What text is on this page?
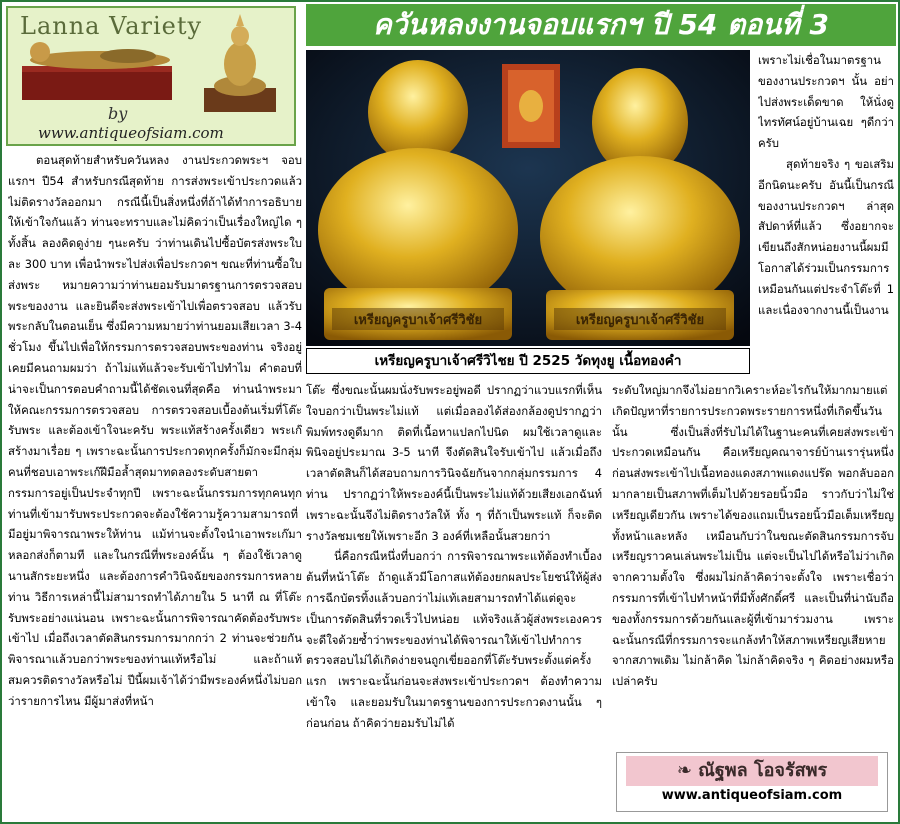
Lanna Variety
by
www.antiqueofsiam.com
ควันหลงงานจอบแรกฯ ปี 54 ตอนที่ 3
เหรียญครูบาเจ้าศรีวิชัย	เหรียญครูบาเจ้าศรีวิชัย
เหรียญครูบาเจ้าศรีวิไชย ปี 2525 วัดทุงยู เนื้อทองคำ

ตอนสุดท้ายสำหรับควันหลง งานประกวดพระฯ จอบแรกฯ ปี54 สำหรับกรณีสุดท้าย การส่งพระเข้าประกวดแล้วไม่ติดรางวัลออกมา กรณีนี้เป็นสิ่งหนึ่งที่ถ้าได้ทำการอธิบายให้เข้าใจกันแล้ว ท่านจะทราบและไม่คิดว่าเป็นเรื่องใหญ่ได ๆทั้งสิ้น ลองคิดดูง่าย ๆนะครับ ว่าท่านเดินไปซื้อบัตรส่งพระใบละ 300 บาท เพื่อนำพระไปส่งเพื่อประกวดฯ ขณะที่ท่านซื้อใบส่งพระ หมายความว่าท่านยอมรับมาตรฐานการตรวจสอบพระของงาน และยินดีจะส่งพระเข้าไปเพื่อตรวจสอบ แล้วรับพระกลับในตอนเย็น ซึ่งมีความหมายว่าท่านยอมเสียเวลา 3-4 ชั่วโมง ขึ้นไปเพื่อให้กรรมการตรวจสอบพระของท่าน จริงอยู่เคยมีคนถามผมว่า ถ้าไม่แท้แล้วจะรับเข้าไปทำไม คำตอบที่น่าจะเป็นการตอบคำถามนี้ได้ชัดเจนที่สุดคือ ท่านนำพระมาให้คณะกรรมการตรวจสอบ การตรวจสอบเบื้องต้นเริ่มที่โต๊ะรับพระ และต้องเข้าใจนะครับ พระแท้สร้างครั้งเดียว พระเก๊สร้างมาเรื่อย ๆ เพราะฉะนั้นการประกวดทุกครั้งก็มักจะมีกลุ่มคนที่ชอบเอาพระเก๊ฝีมือล้ำสุดมาทดลองระดับสายตากรรมการอยู่เป็นประจำทุกปี เพราะฉะนั้นกรรมการทุกคนทุกท่านที่เข้ามารับพระประกวดจะต้องใช้ความรู้ความสามารถที่มีอยู่มาพิจารณาพระให้ท่าน แม้ท่านจะตั้งใจนำเอาพระเก๊มาหลอกส่งก็ตามที และในกรณีที่พระองค์นั้น ๆ ต้องใช้เวลาดูนานสักระยะหนึ่ง และต้องการคำวินิจฉัยของกรรมการหลายท่าน วิธีการเหล่านี้ไม่สามารถทำได้ภายใน 5 นาที ณ ที่โต๊ะรับพระอย่างแน่นอน เพราะฉะนั้นการพิจารณาคัดต้องรับพระเข้าไป เมื่อถึงเวลาตัดสินกรรมการมากกว่า 2 ท่านจะช่วยกันพิจารณาแล้วบอกว่าพระของท่านแท้หรือไม่ และถ้าแท้สมควรติดรางวัลหรือไม่ ปีนี้ผมเจ้าได้ว่ามีพระองค์หนึ่งไม่บอกว่ารายการไหน มีผู้มาส่งที่หน้า

เพราะไม่เชื่อในมาตรฐานของงานประกวดฯ นั้น อย่าไปส่งพระเด็ดขาด ให้นั่งดูไทรทัศน์อยู่บ้านเฉย ๆดีกว่าครับ

สุดท้ายจริง ๆ ขอเสริมอีกนิดนะครับ อันนี้เป็นกรณีของงานประกวดฯ ล่าสุดสัปดาห์ที่แล้ว ซึ่งอยากจะเขียนถึงสักหน่อยงานนี้ผมมีโอกาสได้ร่วมเป็นกรรมการเหมือนกันแต่ประจำโต๊ะที่ 1 และเนื่องจากงานนี้เป็นงาน

โต๊ะ ซึ่งขณะนั้นผมนั่งรับพระอยู่พอดี ปรากฏว่าแวบแรกที่เห็น ใจบอกว่าเป็นพระไม่แท้ แต่เมื่อลองได้ส่องกล้องดูปรากฏว่าพิมพ์ทรงดูดีมาก ติดที่เนื้อหาแปลกไปนิด ผมใช้เวลาดูและพินิจอยู่ประมาณ 3-5 นาที จึงตัดสินใจรับเข้าไป แล้วเมื่อถึงเวลาตัดสินก็ได้สอบถามการวินิจฉัยกันจากกลุ่มกรรมการ 4 ท่าน ปรากฏว่าให้พระองค์นี้เป็นพระไม่แท้ด้วยเสียงเอกฉันท์ เพราะฉะนั้นจึงไม่ติดรางวัลให้ ทั้ง ๆ ที่ถ้าเป็นพระแท้ ก็จะติดรางวัลชมเชยให้เพราะอีก 3 องค์ที่เหลือนั้นสวยกว่า

นี่คือกรณีหนึ่งที่บอกว่า การพิจารณาพระแท้ต้องทำเบื้องต้นที่หน้าโต๊ะ ถ้าดูแล้วมีโอกาสแท้ต้องยกผลประโยชน์ให้ผู้ส่ง การฉีกบัตรทิ้งแล้วบอกว่าไม่แท้เลยสามารถทำได้แต่ดูจะเป็นการตัดสินที่รวดเร็วไปหน่อย แท้จริงแล้วผู้ส่งพระเองควรจะดีใจด้วยซ้ำว่าพระของท่านได้พิจารณาให้เข้าไปทำการตรวจสอบไม่ได้เกิดง่ายจนถูกเขี่ยออกที่โต๊ะรับพระตั้งแต่ครั้งแรก เพราะฉะนั้นก่อนจะส่งพระเข้าประกวดฯ ต้องทำความเข้าใจ และยอมรับในมาตรฐานของการประกวดงานนั้น ๆ ก่อนก่อน ถ้าคิดว่ายอมรับไม่ได้

ระดับใหญ่มากจึงไม่อยากวิเคราะห์อะไรกันให้มากมายแต่เกิดปัญหาที่รายการประกวดพระรายการหนึ่งที่เกิดขึ้นวันนั้น ซึ่งเป็นสิ่งที่รับไม่ได้ในฐานะคนที่เคยส่งพระเข้าประกวดเหมือนกัน คือเหรียญคณาจารย์บ้านเรารุ่นหนึ่งก่อนส่งพระเข้าไปเนื้อทองแดงสภาพแดงแปร๊ด พอกลับออกมากลายเป็นสภาพที่เต็มไปด้วยรอยนิ้วมือ ราวกับว่าไม่ใช่เหรียญเดียวกัน เพราะได้ของแถมเป็นรอยนิ้วมือเต็มเหรียญทั้งหน้าและหลัง เหมือนกับว่าในขณะตัดสินกรรมการจับเหรียญราวคนเล่นพระไม่เป็น แต่จะเป็นไปได้หรือไม่ว่าเกิดจากความตั้งใจ ซึ่งผมไม่กล้าคิดว่าจะตั้งใจ เพราะเชื่อว่ากรรมการที่เข้าไปทำหน้าที่มีทั้งศักดิ์ศรี และเป็นที่น่านับถือของทั้งกรรมการด้วยกันและผู้ที่เข้ามาร่วมงาน เพราะฉะนั้นกรณีที่กรรมการจะแกล้งทำให้สภาพเหรียญเสียหายจากสภาพเดิม ไม่กล้าคิด ไม่กล้าคิดจริง ๆ คิดอย่างผมหรือเปล่าครับ

❧ ณัฐพล โอจรัสพร
www.antiqueofsiam.com
